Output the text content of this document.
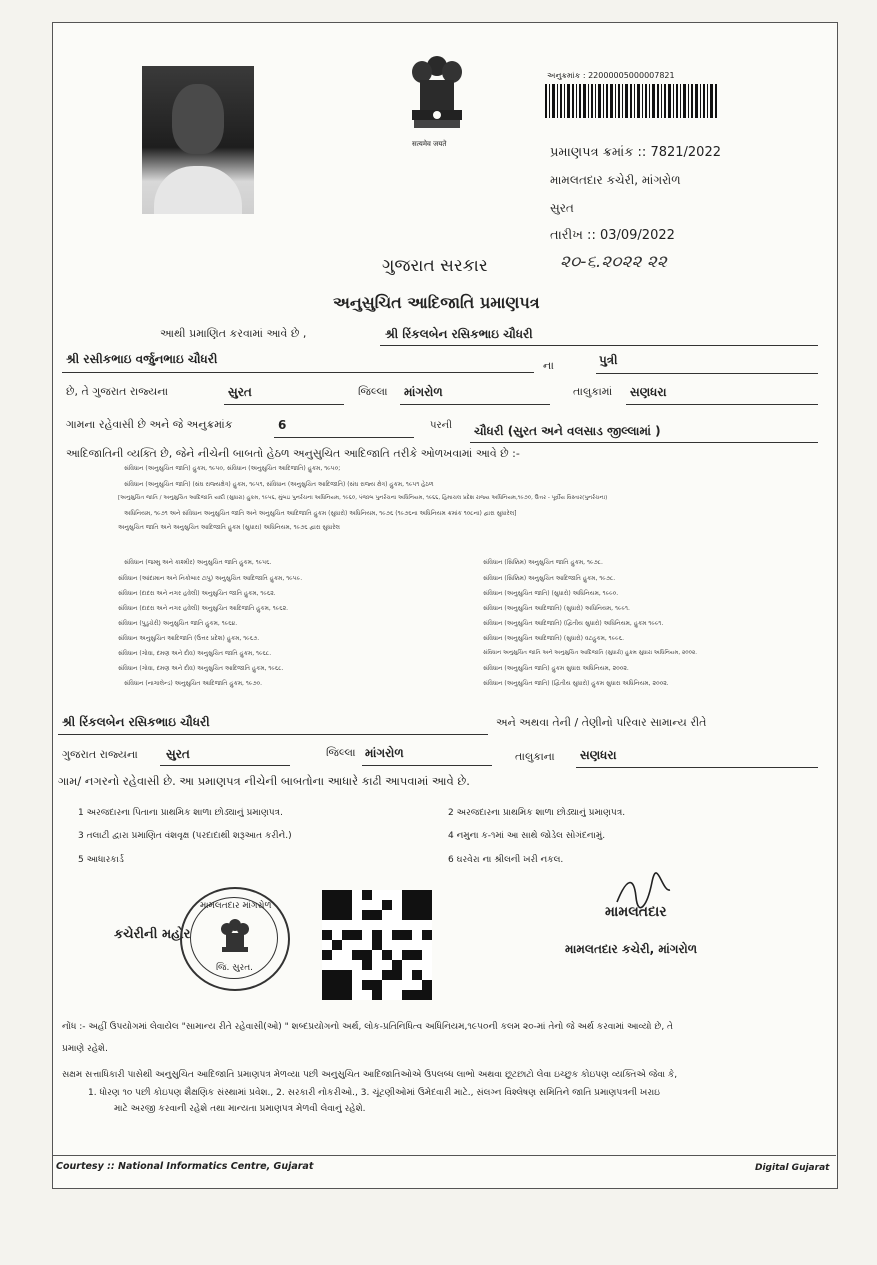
सत्यमेव जयते
અનુક્રમાંક : 22000005000007821
પ્રમાણપત્ર ક્રમાંક :: 7821/2022
મામલતદાર કચેરી, માંગરોળ
સુરત
તારીખ :: 03/09/2022
૨૦-૬.૨૦૨૨ ૨૨
ગુજરાત સરકાર
અનુસુચિત આદિજાતિ પ્રમાણપત્ર
આથી પ્રમાણિત કરવામાં આવે છે ,	શ્રી રિંકલબેન રસિકભાઇ ચૌધરી
શ્રી રસીકભાઇ વર્જુનભાઇ ચૌધરી	ના	પુત્રી
છે, તે ગુજરાત રાજ્યના	સુરત	જિલ્લા માંગરોળ	તાલુકામાં સણધરા
ગામના રહેવાસી છે અને જે અનુક્રમાંક	6	પરની ચૌધરી (સુરત અને વલસાડ જીલ્લામાં )
આદિજાતિની વ્યક્તિ છે, જેને નીચેની બાબતો હેઠળ અનુસુચિત આદિજાતિ તરીકે ઓળખવામાં આવે છે :-
સંવિધાન (અનુસુચિત જાતિ) હુકમ, ૧૯૫૦, સંવિધાન (અનુસુચિત આદિજાતિ) હુકમ, ૧૯૫૦;
સંવિધાન (અનુસુચિત જાતિ) (સંઘ રાજ્યક્ષેત્ર) હુકમ, ૧૯૫૧, સંવિધાન (અનુસુચિત આદિજાતિ) (સંઘ રાજ્ય ક્ષેત્ર) હુકમ, ૧૯૫૧ હેઠળ
[અનુસુચિત જાતિ / અનુસુચિત આદિજાતિ યાદી (સુધારા) હુકમ, ૧૯૫૬, મુંબઇ પુનર્રચના અધિનિયમ, ૧૯૬૦, પંજાબ પુનર્રચના અધિનિયમ, ૧૯૬૬, હિમાચલ પ્રદેશ રાજ્ય અધિનિયમ,૧૯૭૦, ઉત્તર - પૂર્વીય વિસ્તાર(પુનર્રચના)
અધિનિયમ, ૧૯૭૧ અને સંવિધાન અનુસુચિત જાતિ અને અનુસુચિત આદિજાતિ હુકમ (સુધારો) અધિનિયમ, ૧૯૭૬ (૧૯૭૬ના અધિનિયમ ક્રમાંક ૧૦૮ના) દ્વારા સુધારેલ]
અનુસુચિત જાતિ અને અનુસુચિત આદિજાતિ હુકમ (સુધારા) અધિનિયમ, ૧૯૭૬ દ્વારા સુધારેલ
સંવિધાન (જમ્મુ અને કાશ્મીર) અનુસુચિત જાતિ હુકમ, ૧૯૫૬.
સંવિધાન (આંદામાન અને નિકોબાર ટાપુ) અનુસુચિત આદિજાતિ હુકમ, ૧૯૫૯.
સંવિધાન (દાદરા અને નગર હવેલી) અનુસુચિત જાતિ હુકમ, ૧૯૬૨.
સંવિધાન (દાદરા અને નગર હવેલી) અનુસુચિત આદિજાતિ હુકમ, ૧૯૬૨.
સંવિધાન (પુડુચેરી) અનુસુચિત જાતિ હુકમ, ૧૯૬૪.
સંવિધાન અનુસુચિત આદિજાતિ (ઉત્તર પ્રદેશ) હુકમ, ૧૯૬૭.
સંવિધાન (ગોવા, દમણ અને દીવ) અનુસુચિત જાતિ હુકમ, ૧૯૬૮.
સંવિધાન (ગોવા, દમણ અને દીવ) અનુસુચિત આદિજાતિ હુકમ, ૧૯૬૮.
સંવિધાન (નાગાલેન્ડ) અનુસુચિત આદિજાતિ હુકમ, ૧૯૭૦.
સંવિધાન (સિક્કિમ) અનુસુચિત જાતિ હુકમ, ૧૯૭૮.
સંવિધાન (સિક્કિમ) અનુસુચિત આદિજાતિ હુકમ, ૧૯૭૮.
સંવિધાન (અનુસુચિત જાતિ) (સુધારો) અધિનિયમ, ૧૯૯૦.
સંવિધાન (અનુસુચિત આદિજાતિ) (સુધારો) અધિનિયમ, ૧૯૯૧.
સંવિધાન (અનુસુચિત આદિજાતિ) (દ્વિતીય સુધારો) અધિનિયમ, હુકમ ૧૯૯૧.
સંવિધાન (અનુસુચિત આદિજાતિ) (સુધારો) વટહુકમ, ૧૯૯૬.
સંવિધાન અનુસુચિત જાતિ અને અનુસુચિત આદિજાતિ (સુધારો) હુકમ સુધારા અધિનિયમ, ૨૦૦૨.
સંવિધાન (અનુસુચિત જાતિ) હુકમ સુધારા અધિનિયમ, ૨૦૦૨.
સંવિધાન (અનુસુચિત જાતિ) (દ્વિતીય સુધારો) હુકમ સુધારા અધિનિયમ, ૨૦૦૨.
શ્રી રિંકલબેન રસિકભાઇ ચૌધરી	અને અથવા તેની / તેણીનો પરિવાર સામાન્ય રીતે
ગુજરાત રાજ્યના સુરત	જિલ્લા માંગરોળ	તાલુકાના સણધરા
ગામ/ નગરનો રહેવાસી છે. આ પ્રમાણપત્ર નીચેની બાબતોના આધારે કાઢી આપવામાં આવે છે.
1 અરજદારના પિતાના પ્રાથમિક શાળા છોડ્યાનું પ્રમાણપત્ર.	2 અરજદારના પ્રાથમિક શાળા છોડ્યાનું પ્રમાણપત્ર.
3 તલાટી દ્વારા પ્રમાણિત વંશવૃક્ષ (પરદાદાથી શરૂઆત કરીને.)	4 નમુના ક-૧માં આ સાથે જોડેલ સોગંદનામું.
5 આધારકાર્ડ	6 ઘરવેરા ના શ્રીલની ખરી નકલ.
કચેરીની મહોર
મામલતદાર માંગરોળ
જિ. સુરત.
મામલતદાર
મામલતદાર કચેરી, માંગરોળ
નોંધ :- અહીં ઉપયોગમાં લેવાયેલ "સામાન્ય રીતે રહેવાસી(ઓ) " શબ્દપ્રયોગનો અર્થ, લોક-પ્રતિનિધિત્વ અધિનિયમ,૧૯૫૦ની કલમ ૨૦-માં તેનો જે અર્થ કરવામાં આવ્યો છે, તે
પ્રમાણે રહેશે.
સક્ષમ સત્તાધિકારી પાસેથી અનુસુચિત આદિજાતિ પ્રમાણપત્ર મેળવ્યા પછી અનુસુચિત આદિજાતિઓએ ઉપલબ્ધ લાભો અથવા છૂટછાટો લેવા ઇચ્છુક કોઇપણ વ્યક્તિએ જેવા કે,
1. ધોરણ ૧૦ પછી કોઇપણ શૈક્ષણિક સંસ્થામાં પ્રવેશ., 2. સરકારી નોકરીઓ., 3. ચૂંટણીઓમાં ઉમેદવારી માટે., સંલગ્ન વિશ્લેષણ સમિતિને જાતિ પ્રમાણપત્રની ખરાઇ
માટે અરજી કરવાની રહેશે તથા માન્યતા પ્રમાણપત્ર મેળવી લેવાનું રહેશે.
Courtesy :: National Informatics Centre, Gujarat	Digital Gujarat
